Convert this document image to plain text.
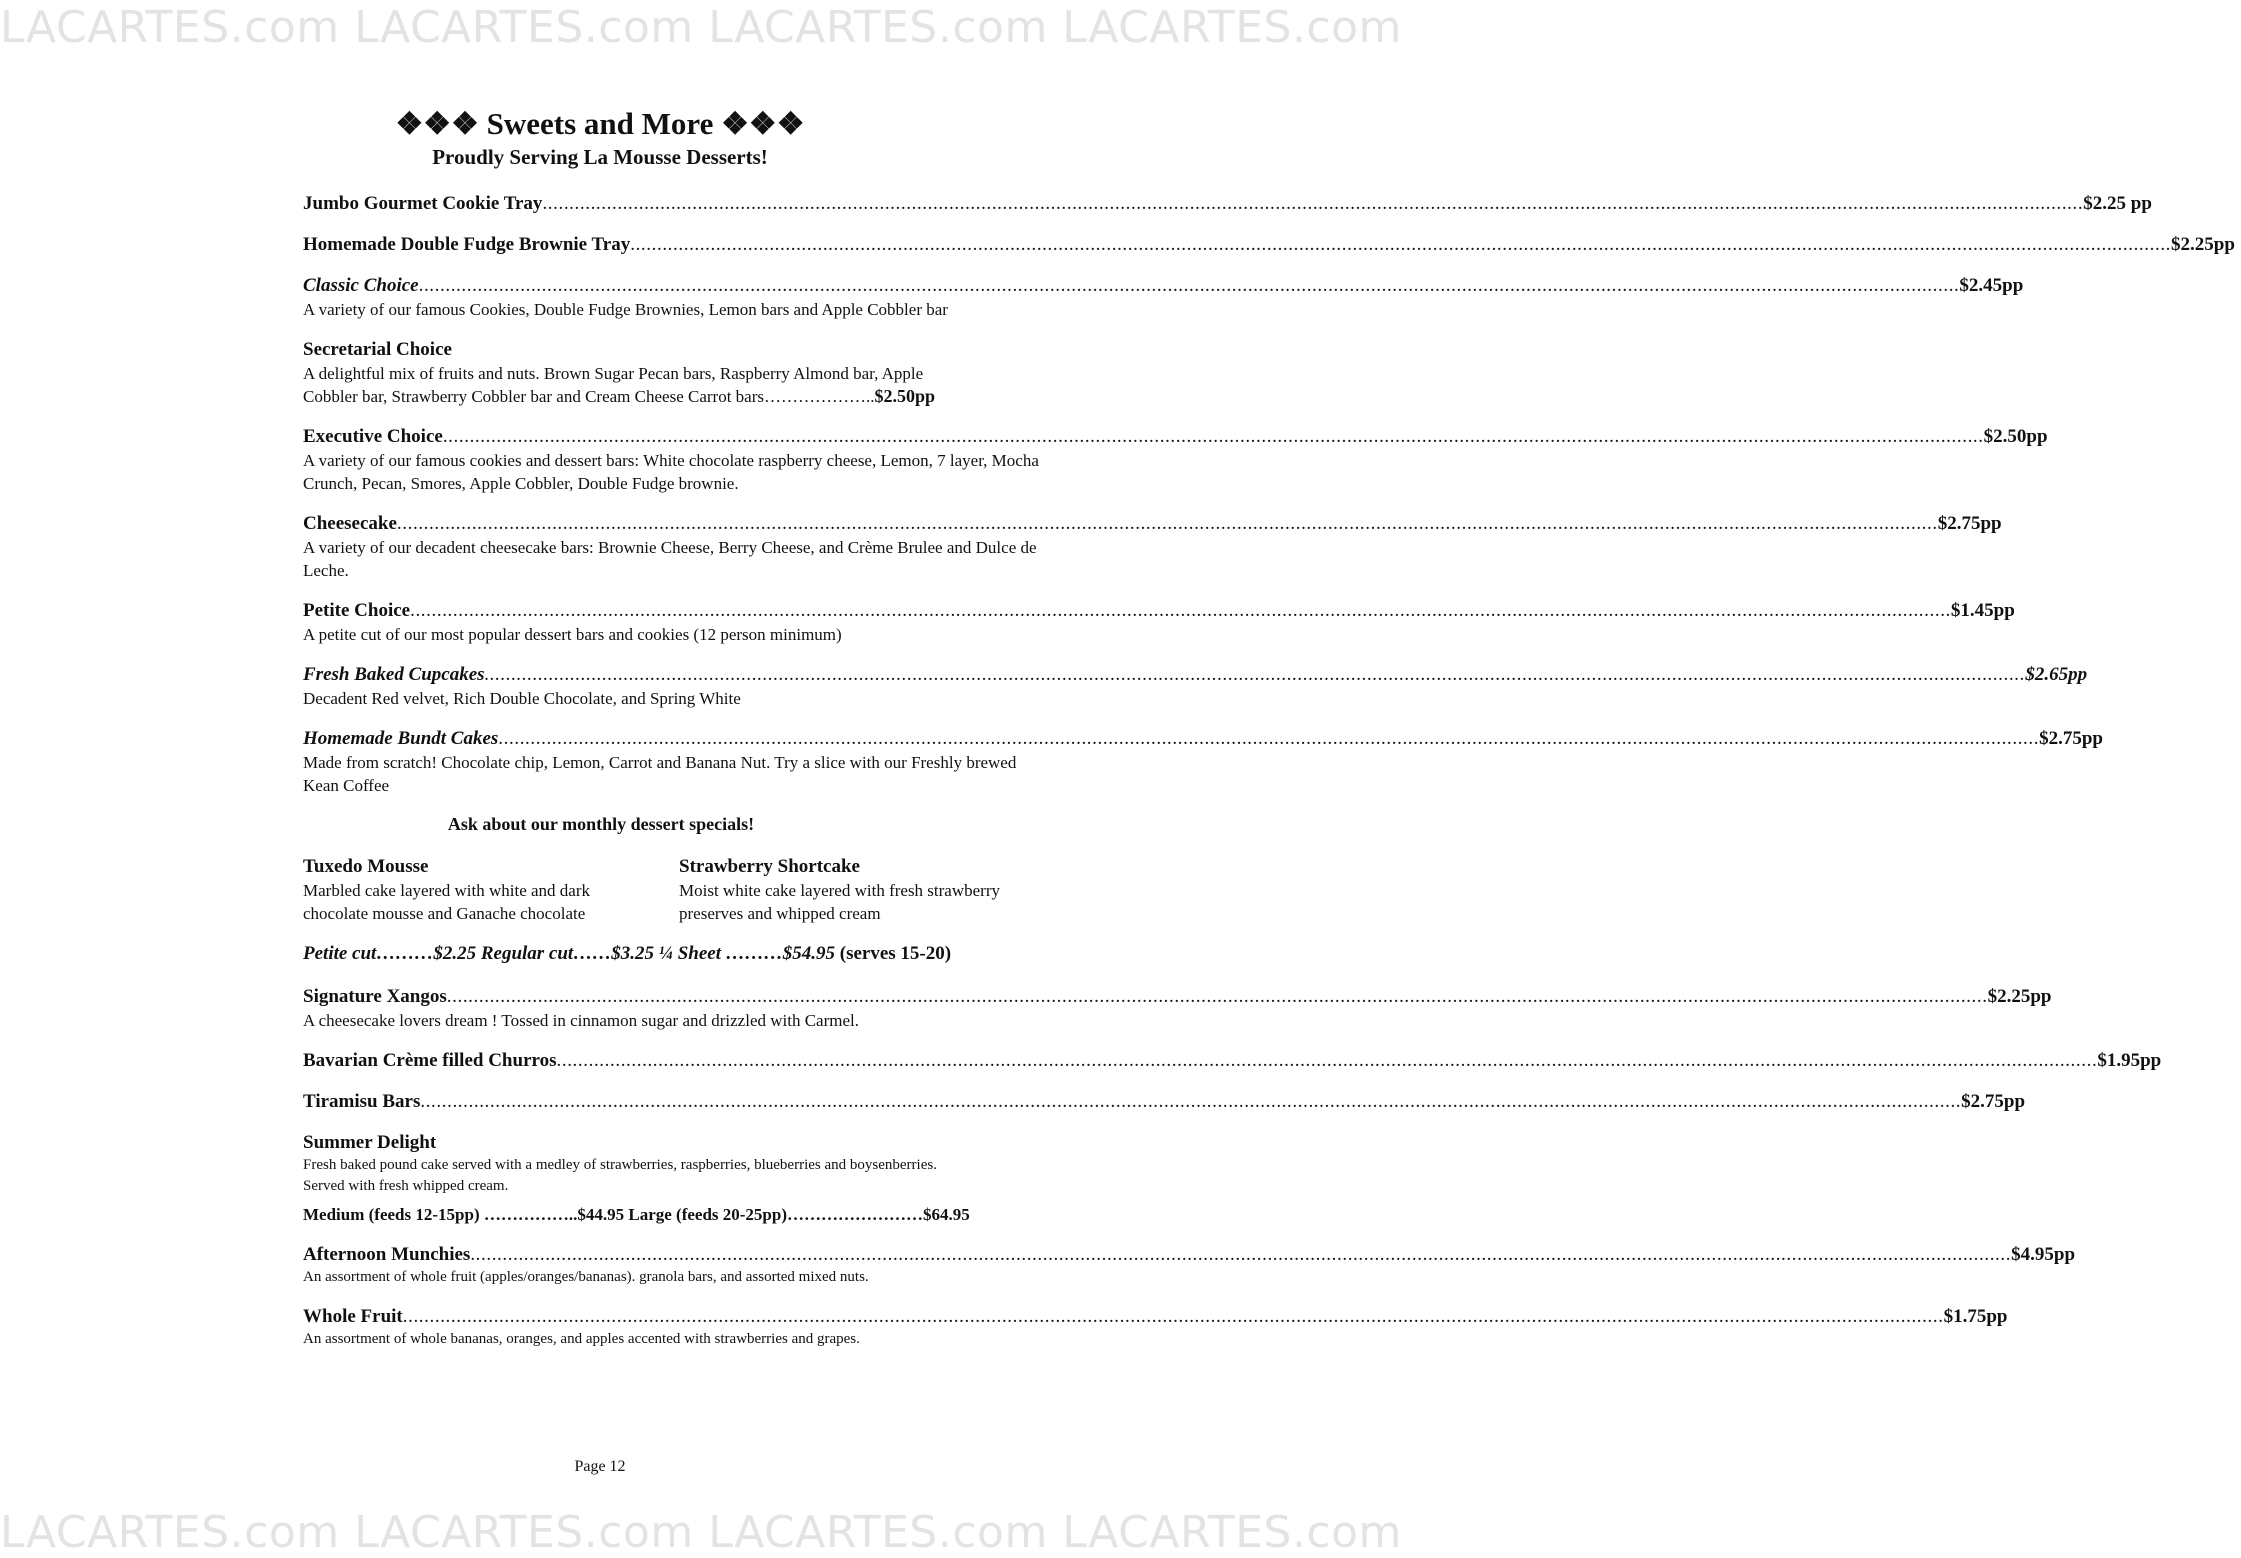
LACARTES.com LACARTES.com LACARTES.com LACARTES.com
❖❖❖ Sweets and More ❖❖❖
Proudly Serving La Mousse Desserts!
Jumbo Gourmet Cookie Tray .....	$2.25 pp
Homemade Double Fudge Brownie Tray .....	$2.25pp
Classic Choice .....	$2.45pp
A variety of our famous Cookies, Double Fudge Brownies, Lemon bars and Apple Cobbler bar
Secretarial Choice
A delightful mix of fruits and nuts. Brown Sugar Pecan bars, Raspberry Almond bar, Apple
Cobbler bar, Strawberry Cobbler bar and Cream Cheese Carrot bars………………..$2.50pp
Executive Choice .....	$2.50pp
A variety of our famous cookies and dessert bars: White chocolate raspberry cheese, Lemon, 7 layer, Mocha Crunch, Pecan, Smores, Apple Cobbler, Double Fudge brownie.
Cheesecake .....	$2.75pp
A variety of our decadent cheesecake bars: Brownie Cheese, Berry Cheese, and Crème Brulee and Dulce de Leche.
Petite Choice .....	$1.45pp
A petite cut of our most popular dessert bars and cookies (12 person minimum)
Fresh Baked Cupcakes .....	$2.65pp
Decadent Red velvet, Rich Double Chocolate, and Spring White
Homemade Bundt Cakes .....	$2.75pp
Made from scratch! Chocolate chip, Lemon, Carrot and Banana Nut. Try a slice with our Freshly brewed Kean Coffee
Ask about our monthly dessert specials!
Tuxedo Mousse
Marbled cake layered with white and dark chocolate mousse and Ganache chocolate
Strawberry Shortcake
Moist white cake layered with fresh strawberry preserves and whipped cream
Petite cut………$2.25 Regular cut……$3.25 ¼ Sheet ………$54.95 (serves 15-20)
Signature Xangos .....	$2.25pp
A cheesecake lovers dream ! Tossed in cinnamon sugar and drizzled with Carmel.
Bavarian Crème filled Churros .....	$1.95pp
Tiramisu Bars .....	$2.75pp
Summer Delight
Fresh baked pound cake served with a medley of strawberries, raspberries, blueberries and boysenberries. Served with fresh whipped cream.
Medium (feeds 12-15pp) ……………..$44.95 Large (feeds 20-25pp)……………………$64.95
Afternoon Munchies .....	$4.95pp
An assortment of whole fruit (apples/oranges/bananas). granola bars, and assorted mixed nuts.
Whole Fruit .....	$1.75pp
An assortment of whole bananas, oranges, and apples accented with strawberries and grapes.
Page 12
LACARTES.com LACARTES.com LACARTES.com LACARTES.com
